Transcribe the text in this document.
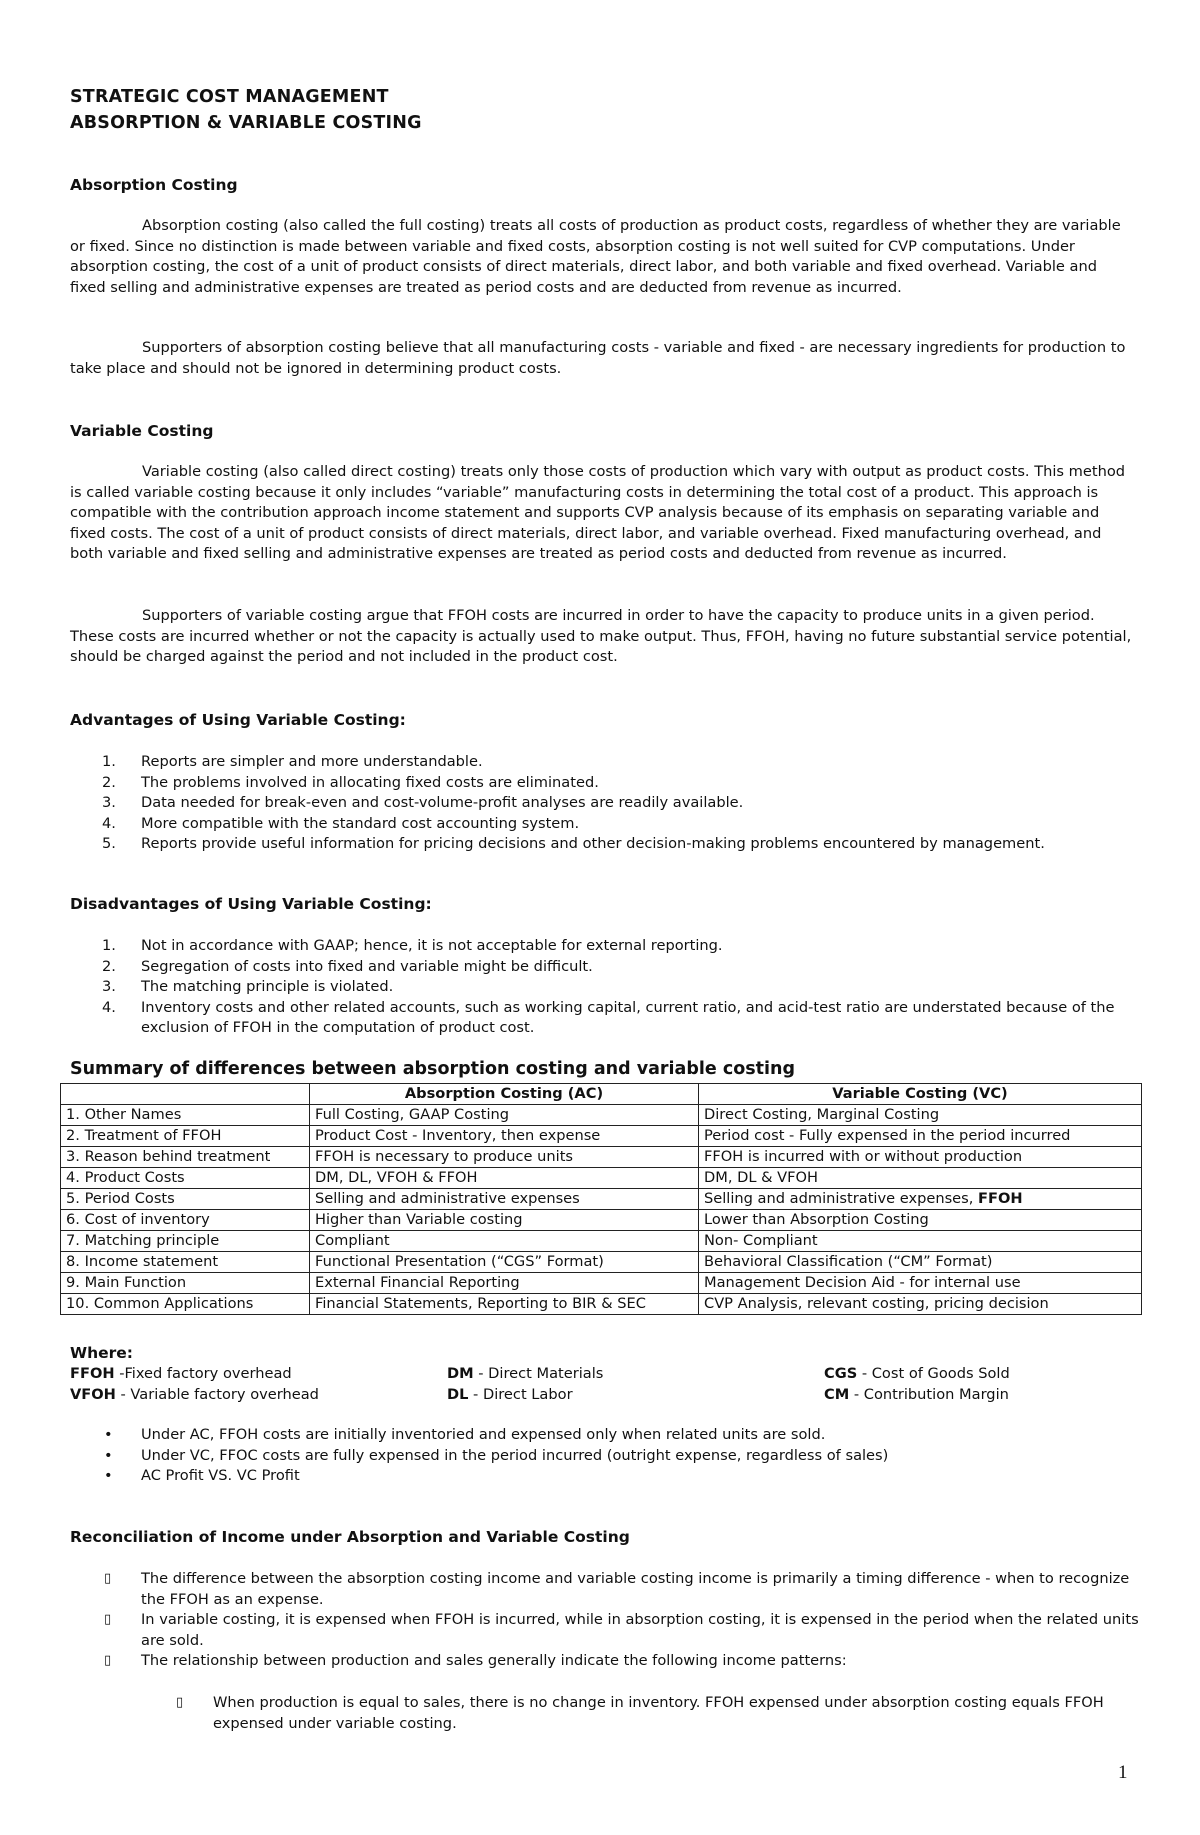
STRATEGIC COST MANAGEMENT
ABSORPTION & VARIABLE COSTING
Absorption Costing
Absorption costing (also called the full costing) treats all costs of production as product costs, regardless of whether they are variable or fixed. Since no distinction is made between variable and fixed costs, absorption costing is not well suited for CVP computations. Under absorption costing, the cost of a unit of product consists of direct materials, direct labor, and both variable and fixed overhead. Variable and fixed selling and administrative expenses are treated as period costs and are deducted from revenue as incurred.
Supporters of absorption costing believe that all manufacturing costs - variable and fixed - are necessary ingredients for production to take place and should not be ignored in determining product costs.
Variable Costing
Variable costing (also called direct costing) treats only those costs of production which vary with output as product costs. This method is called variable costing because it only includes “variable” manufacturing costs in determining the total cost of a product. This approach is compatible with the contribution approach income statement and supports CVP analysis because of its emphasis on separating variable and fixed costs. The cost of a unit of product consists of direct materials, direct labor, and variable overhead. Fixed manufacturing overhead, and both variable and fixed selling and administrative expenses are treated as period costs and deducted from revenue as incurred.
Supporters of variable costing argue that FFOH costs are incurred in order to have the capacity to produce units in a given period. These costs are incurred whether or not the capacity is actually used to make output. Thus, FFOH, having no future substantial service potential, should be charged against the period and not included in the product cost.
Advantages of Using Variable Costing:
1. Reports are simpler and more understandable.
2. The problems involved in allocating fixed costs are eliminated.
3. Data needed for break-even and cost-volume-profit analyses are readily available.
4. More compatible with the standard cost accounting system.
5. Reports provide useful information for pricing decisions and other decision-making problems encountered by management.
Disadvantages of Using Variable Costing:
1. Not in accordance with GAAP; hence, it is not acceptable for external reporting.
2. Segregation of costs into fixed and variable might be difficult.
3. The matching principle is violated.
4. Inventory costs and other related accounts, such as working capital, current ratio, and acid-test ratio are understated because of the exclusion of FFOH in the computation of product cost.
Summary of differences between absorption costing and variable costing
	Absorption Costing (AC)	Variable Costing (VC)
1. Other Names	Full Costing, GAAP Costing	Direct Costing, Marginal Costing
2. Treatment of FFOH	Product Cost - Inventory, then expense	Period cost - Fully expensed in the period incurred
3. Reason behind treatment	FFOH is necessary to produce units	FFOH is incurred with or without production
4. Product Costs	DM, DL, VFOH & FFOH	DM, DL & VFOH
5. Period Costs	Selling and administrative expenses	Selling and administrative expenses, FFOH
6. Cost of inventory	Higher than Variable costing	Lower than Absorption Costing
7. Matching principle	Compliant	Non- Compliant
8. Income statement	Functional Presentation (“CGS” Format)	Behavioral Classification (“CM” Format)
9. Main Function	External Financial Reporting	Management Decision Aid - for internal use
10. Common Applications	Financial Statements, Reporting to BIR & SEC	CVP Analysis, relevant costing, pricing decision
Where:
FFOH -Fixed factory overhead
VFOH - Variable factory overhead
DM - Direct Materials
DL - Direct Labor
CGS - Cost of Goods Sold
CM - Contribution Margin
• Under AC, FFOH costs are initially inventoried and expensed only when related units are sold.
• Under VC, FFOC costs are fully expensed in the period incurred (outright expense, regardless of sales)
• AC Profit VS. VC Profit
Reconciliation of Income under Absorption and Variable Costing
▯ The difference between the absorption costing income and variable costing income is primarily a timing difference - when to recognize the FFOH as an expense.
▯ In variable costing, it is expensed when FFOH is incurred, while in absorption costing, it is expensed in the period when the related units are sold.
▯ The relationship between production and sales generally indicate the following income patterns:
▯ When production is equal to sales, there is no change in inventory. FFOH expensed under absorption costing equals FFOH expensed under variable costing.
1
